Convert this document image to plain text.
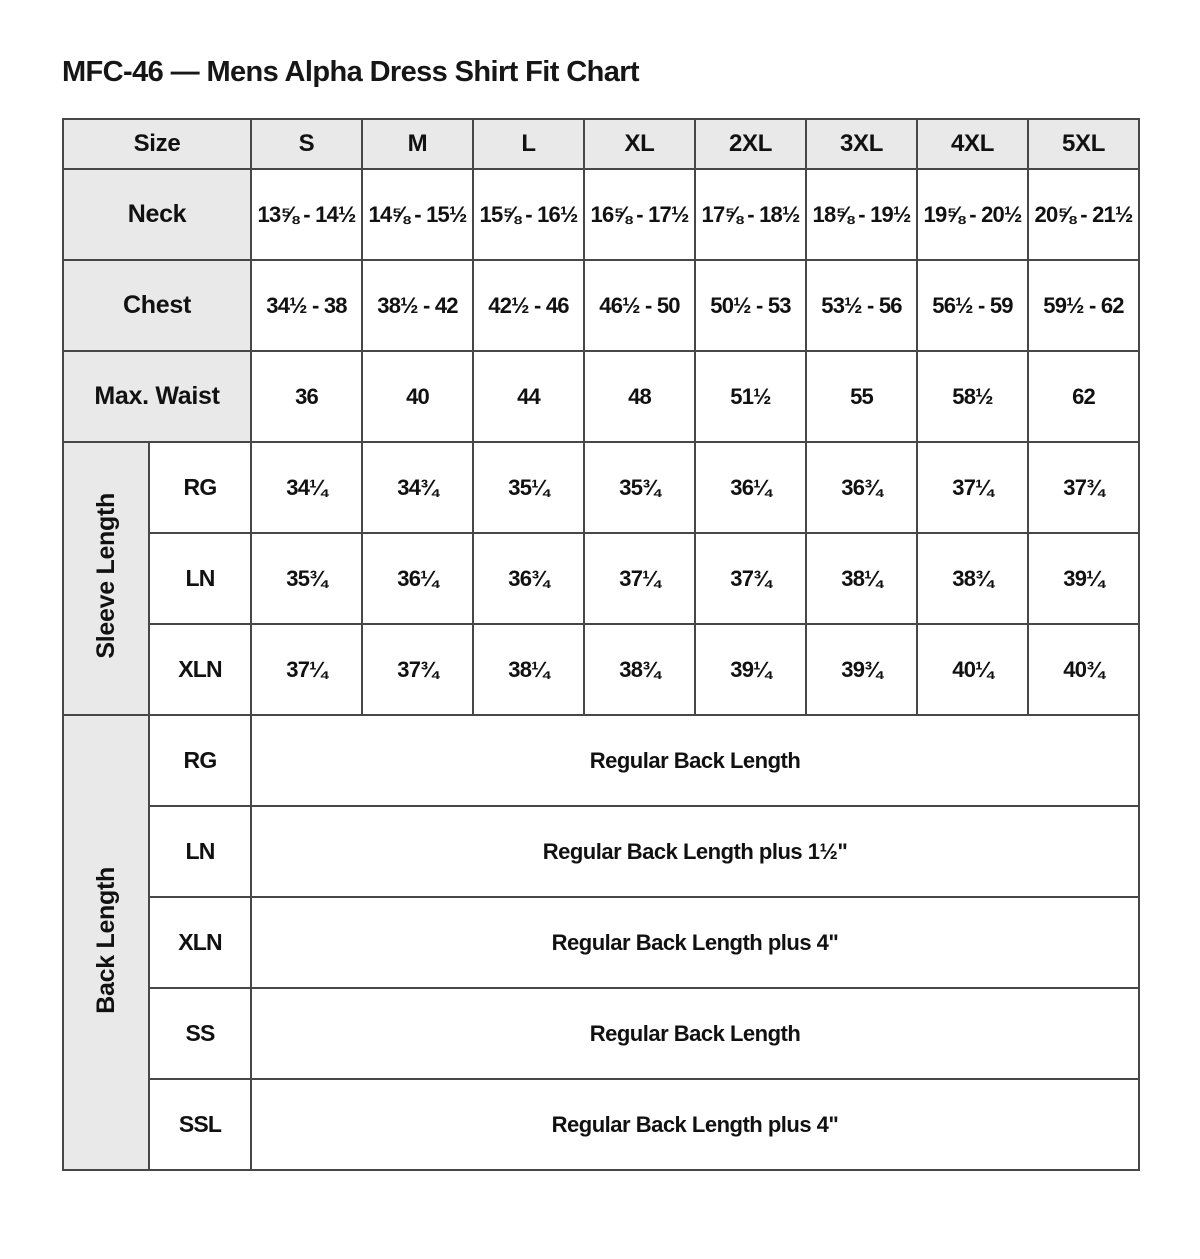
MFC-46 — Mens Alpha Dress Shirt Fit Chart
Size		S	M	L	XL	2XL	3XL	4XL	5XL
Neck		13⅝ - 14½	14⅝ - 15½	15⅝ - 16½	16⅝ - 17½	17⅝ - 18½	18⅝ - 19½	19⅝ - 20½	20⅝ - 21½
Chest		34½ - 38	38½ - 42	42½ - 46	46½ - 50	50½ - 53	53½ - 56	56½ - 59	59½ - 62
Max. Waist		36	40	44	48	51½	55	58½	62
Sleeve Length	RG	34¼	34¾	35¼	35¾	36¼	36¾	37¼	37¾
	LN	35¾	36¼	36¾	37¼	37¾	38¼	38¾	39¼
	XLN	37¼	37¾	38¼	38¾	39¼	39¾	40¼	40¾
Back Length	RG	Regular Back Length							
	LN	Regular Back Length plus 1½"							
	XLN	Regular Back Length plus 4"							
	SS	Regular Back Length							
	SSL	Regular Back Length plus 4"							
